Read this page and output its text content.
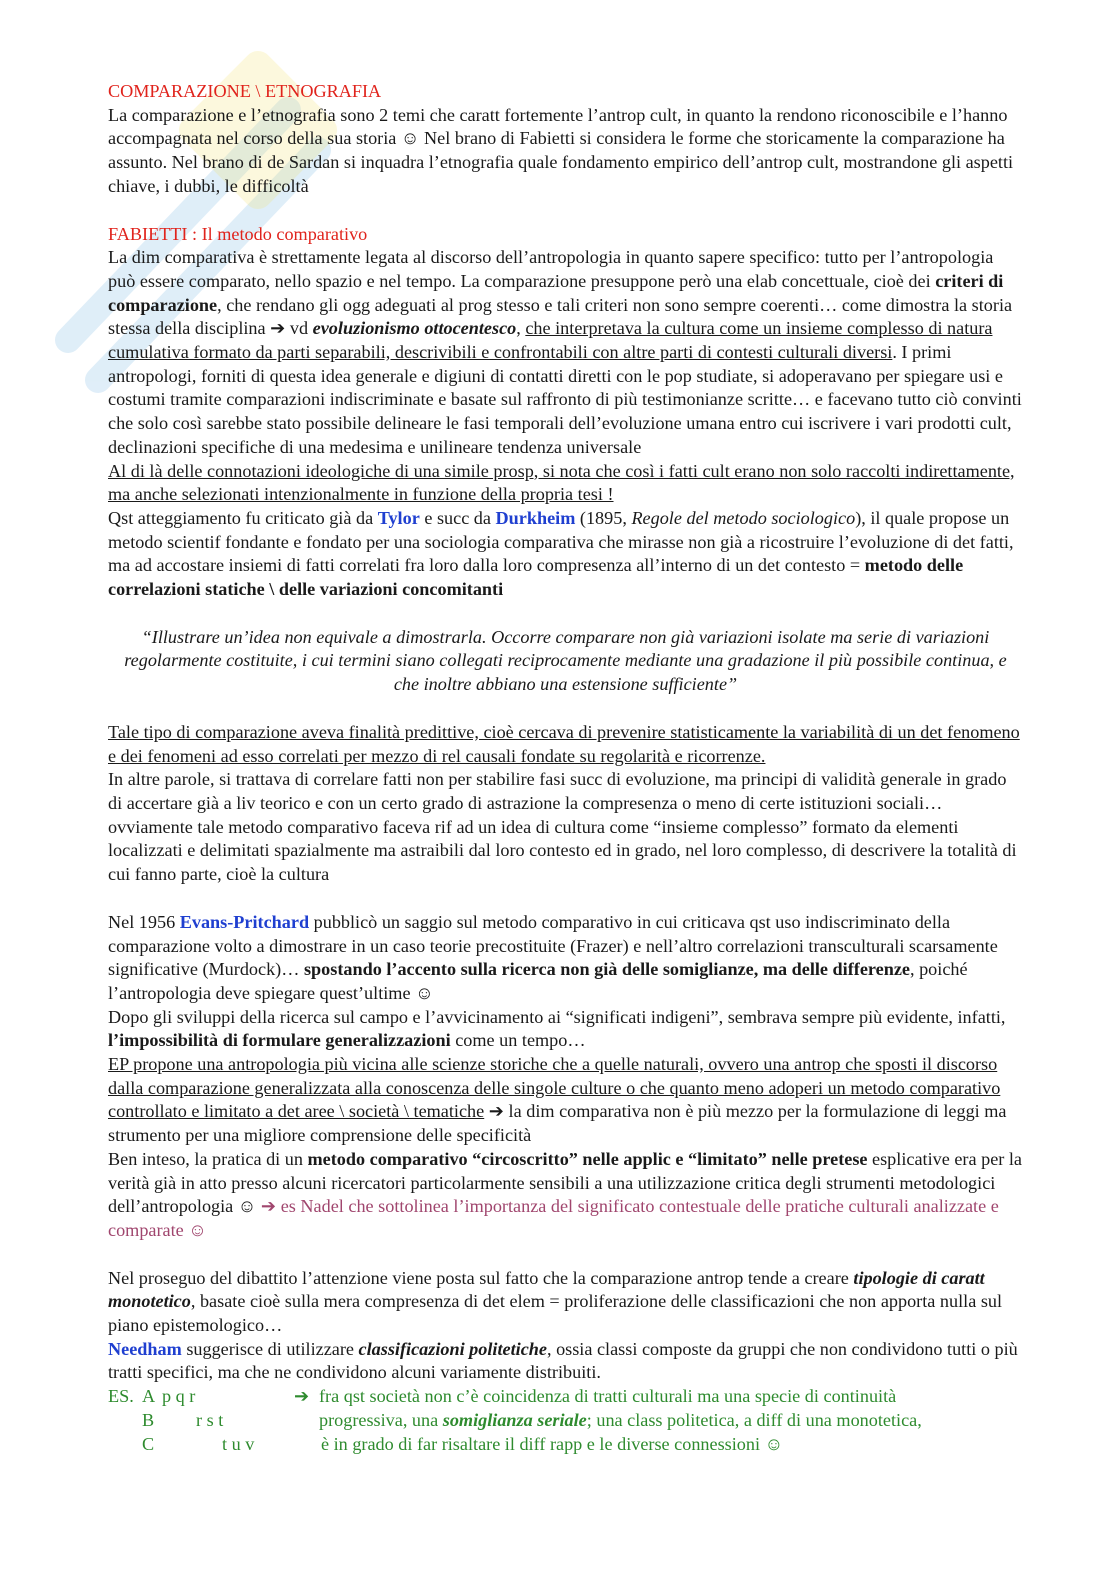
COMPARAZIONE \ ETNOGRAFIA

La comparazione e l’etnografia sono 2 temi che caratt fortemente l’antrop cult, in quanto la rendono riconoscibile e l’hanno accompagnata nel corso della sua storia ☺ Nel brano di Fabietti si considera le forme che storicamente la comparazione ha assunto. Nel brano di de Sardan si inquadra l’etnografia quale fondamento empirico dell’antrop cult, mostrandone gli aspetti chiave, i dubbi, le difficoltà

FABIETTI : Il metodo comparativo

La dim comparativa è strettamente legata al discorso dell’antropologia in quanto sapere specifico: tutto per l’antropologia può essere comparato, nello spazio e nel tempo. La comparazione presuppone però una elab concettuale, cioè dei criteri di comparazione, che rendano gli ogg adeguati al prog stesso e tali criteri non sono sempre coerenti… come dimostra la storia stessa della disciplina ➔ vd evoluzionismo ottocentesco, che interpretava la cultura come un insieme complesso di natura cumulativa formato da parti separabili, descrivibili e confrontabili con altre parti di contesti culturali diversi. I primi antropologi, forniti di questa idea generale e digiuni di contatti diretti con le pop studiate, si adoperavano per spiegare usi e costumi tramite comparazioni indiscriminate e basate sul raffronto di più testimonianze scritte… e facevano tutto ciò convinti che solo così sarebbe stato possibile delineare le fasi temporali dell’evoluzione umana entro cui iscrivere i vari prodotti cult, declinazioni specifiche di una medesima e unilineare tendenza universale

Al di là delle connotazioni ideologiche di una simile prosp, si nota che così i fatti cult erano non solo raccolti indirettamente, ma anche selezionati intenzionalmente in funzione della propria tesi !

Qst atteggiamento fu criticato già da Tylor e succ da Durkheim (1895, Regole del metodo sociologico), il quale propose un metodo scientif fondante e fondato per una sociologia comparativa che mirasse non già a ricostruire l’evoluzione di det fatti, ma ad accostare insiemi di fatti correlati fra loro dalla loro compresenza all’interno di un det contesto = metodo delle correlazioni statiche \ delle variazioni concomitanti

“Illustrare un’idea non equivale a dimostrarla. Occorre comparare non già variazioni isolate ma serie di variazioni regolarmente costituite, i cui termini siano collegati reciprocamente mediante una gradazione il più possibile continua, e che inoltre abbiano una estensione sufficiente”

Tale tipo di comparazione aveva finalità predittive, cioè cercava di prevenire statisticamente la variabilità di un det fenomeno e dei fenomeni ad esso correlati per mezzo di rel causali fondate su regolarità e ricorrenze.

In altre parole, si trattava di correlare fatti non per stabilire fasi succ di evoluzione, ma principi di validità generale in grado di accertare già a liv teorico e con un certo grado di astrazione la compresenza o meno di certe istituzioni sociali… ovviamente tale metodo comparativo faceva rif ad un idea di cultura come “insieme complesso” formato da elementi localizzati e delimitati spazialmente ma astraibili dal loro contesto ed in grado, nel loro complesso, di descrivere la totalità di cui fanno parte, cioè la cultura

Nel 1956 Evans-Pritchard pubblicò un saggio sul metodo comparativo in cui criticava qst uso indiscriminato della comparazione volto a dimostrare in un caso teorie precostituite (Frazer) e nell’altro correlazioni transculturali scarsamente significative (Murdock)… spostando l’accento sulla ricerca non già delle somiglianze, ma delle differenze, poiché l’antropologia deve spiegare quest’ultime ☺

Dopo gli sviluppi della ricerca sul campo e l’avvicinamento ai “significati indigeni”, sembrava sempre più evidente, infatti, l’impossibilità di formulare generalizzazioni come un tempo…

EP propone una antropologia più vicina alle scienze storiche che a quelle naturali, ovvero una antrop che sposti il discorso dalla comparazione generalizzata alla conoscenza delle singole culture o che quanto meno adoperi un metodo comparativo controllato e limitato a det aree \ società \ tematiche ➔ la dim comparativa non è più mezzo per la formulazione di leggi ma strumento per una migliore comprensione delle specificità

Ben inteso, la pratica di un metodo comparativo “circoscritto” nelle applic e “limitato” nelle pretese esplicative era per la verità già in atto presso alcuni ricercatori particolarmente sensibili a una utilizzazione critica degli strumenti metodologici dell’antropologia ☺ ➔ es Nadel che sottolinea l’importanza del significato contestuale delle pratiche culturali analizzate e comparate ☺

Nel proseguo del dibattito l’attenzione viene posta sul fatto che la comparazione antrop tende a creare tipologie di caratt monotetico, basate cioè sulla mera compresenza di det elem = proliferazione delle classificazioni che non apporta nulla sul piano epistemologico…

Needham suggerisce di utilizzare classificazioni politetiche, ossia classi composte da gruppi che non condividono tutti o più tratti specifici, ma che ne condividono alcuni variamente distribuiti.

ES. A p q r	➔ fra qst società non c’è coincidenza di tratti culturali ma una specie di continuità
B r s t	progressiva, una somiglianza seriale; una class politetica, a diff di una monotetica,
C	t u v	è in grado di far risaltare il diff rapp e le diverse connessioni ☺
